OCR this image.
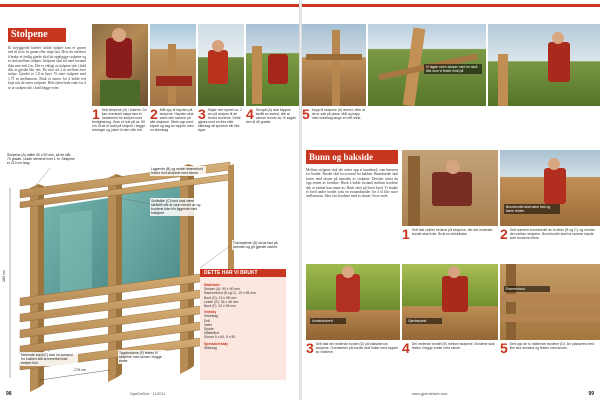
Stolpene
Et steypgjerde kræver solide stolper som er gravet ned til frost fri grunn eller støpt fast. Hvis du vurderer å bruke et ferdig gjerde skal du oppbygge stolpene og et skrå mellom stolpen. Stolpene skal stå med avstand ikke mer end 2 m. Det er viktigt at stolpene står i lodd slik at gjerdet blir rett. De skal stå 2 m mellom hver stolpe. Gjerdet er 1,8 m høyt. Vi satte stolpene med 1,75 m mellomrom. Bruk et snorer for å holde rett linje når du setter stolpene. Hele tiden bruk vater for å se at stolpen står i lodd begge veier.
1 Sett stolpene (A) i hullene. Du kan eventuelt støpe fast et fundament for stolpen med ferdigbetong. Grav et hull på ca. 80 cm. Bruk et lodd på stolpen i begge retninger og juster til den står rett.
2 Mål opp til høyden på stolpene. Høyden skal være den samme på alle stolpene. Strek opp med blyant og sag av toppen med en sirkelsag.
3 Skjær ned sporet ca. 2 cm på stolpen til de hoved-bordene. Dette gjøres med en fres eller stikksag så sporene blir like dype.
4 Skrupå (A) skal kappes skrått av øverst, slik at vannet renner av. Vi sagde den til 45 grader.
Stolpene (A) måler 90 x 90 mm, så de står 70 grader. Under stenene hver 1 m. Stolpene er 210 cm lang.
Liggende (B) og nedre rammebord festes mot stolpene med skruer.
Skråstilte (C) bord skal være skråstilt slik at vann renner av og bordene ikke blir liggende med fuktighet.
Tverrspilene (D) skrus fast på rammen og gir gjerdet stivhet.
Nederste bord (E) skal ha avstand fra bakken slik at treverket ikke trekker fukt.
Toppbordene (F) festes til stolpene med skruer i begge ender.
175 cm
180 cm	DETTE HAR VI BRUKT
Materialer
Stolper (A): 90 x 90 mm
Rammebord (B og C): 19 x 98 mm
Bord (D): 19 x 98 mm
Lekter (E): 36 x 48 mm
Bord (F): 22 x 95 mm
Verktøy
Sirkelsag
Drill
Vater
Spade
Målebånd
Skruer 5 x 60, 5 x 80
Spesialverktøy
Stikksag
98	GjørDetSelv · 11/2011
5 Kapp til stolpene (A) øverst, etter at de er satt på plass. Mål og kapp med sirkelsag langs en rett lekte.
Vi lagde noen stolper med en skrå lekt som vi festet midt på.
Bunn og bakside
Mellom stolpene skal det settes opp et bunnbord, som bæreren for bordet. Bordet skal ha avstand fra bakken. Bunnbordet skal festes med skruer på innsiden av stolpene. Deretter setter du opp resten av bordene. Husk å holde avstand mellom bordene slik at vannet kan renne av. Bruk vater på hvert bord. Vi brukte et bord under bordet som en avstandsmåler for å få like store mellomrom. Skru fast bordene med to skruer i hver ende.
Bunnbordet skal være fast og bære resten.
1 Sett fast vinkler nederst på stolpene, der det nederste bordet skal hvile. Bruk en vinkelhake.	2 Sett nummer bunnbordet av to deler (B og C), og monter det mellom stolpene. Bunnbordet skal ha samme høyde som bordene ellers.
Avstandsbrett	Gjerdeplank
Rammebord
3 Sett fast det nederste bordet (D) på baksiden av stolpene. Overkanten på bordet skal flukte med toppen av vinklene.	4 Del nederste bordet (E) mellom stolpene. Bordene skal festes i begge ender med skruer.	5 Sett opp de to midterste bordene (D). De plasseres med like stor avstand og festes med skruer.
www.gjoerdetselv.com	99
